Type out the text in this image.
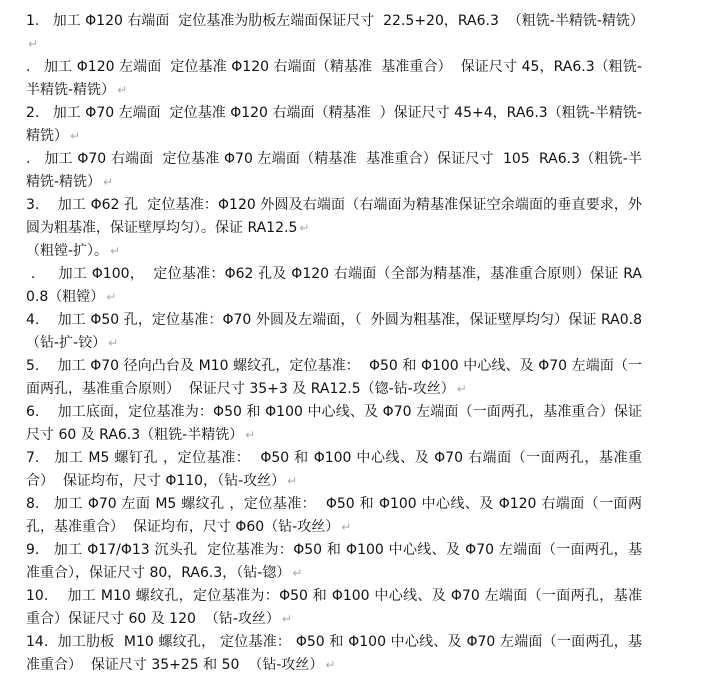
1.   加工 Φ120 右端面  定位基准为肋板左端面保证尺寸  22.5+20，RA6.3  （粗铣-半精铣-精铣）↵

.   加工 Φ120 左端面  定位基准 Φ120 右端面（精基准  基准重合）  保证尺寸 45，RA6.3（粗铣-半精铣-精铣） ↵

2.   加工 Φ70 左端面  定位基准 Φ120 右端面（精基准  ）保证尺寸 45+4，RA6.3（粗铣-半精铣-精铣） ↵

.   加工 Φ70 右端面  定位基准 Φ70 左端面（精基准  基准重合）保证尺寸  105  RA6.3（粗铣-半精铣-精铣） ↵

3.    加工 Φ62 孔  定位基准：Φ120 外圆及右端面（右端面为精基准保证空余端面的垂直要求，外圆为粗基准，保证壁厚均匀）。保证 RA12.5 ↵

（粗镗-扩）。 ↵

.     加工 Φ100，  定位基准：Φ62 孔及 Φ120 右端面（全部为精基准，基准重合原则）保证 RA0.8（粗镗） ↵

4.    加工 Φ50 孔，定位基准：Φ70 外圆及左端面，（  外圆为粗基准，保证壁厚均匀）保证 RA0.8（钻-扩-铰） ↵

5.    加工 Φ70 径向凸台及 M10 螺纹孔，定位基准：  Φ50 和 Φ100 中心线、及 Φ70 左端面（一面两孔，基准重合原则）  保证尺寸 35+3 及 RA12.5（锪-钻-攻丝） ↵

6.    加工底面，定位基准为：Φ50 和 Φ100 中心线、及 Φ70 左端面（一面两孔，基准重合）保证尺寸 60 及 RA6.3（粗铣-半精铣） ↵

7.   加工 M5 螺钉孔 ，定位基准：  Φ50 和 Φ100 中心线、及 Φ70 右端面（一面两孔，基准重合）  保证均布，尺寸 Φ110，（钻-攻丝） ↵

8.   加工 Φ70 左面 M5 螺纹孔 ，定位基准：  Φ50 和 Φ100 中心线、及 Φ120 右端面（一面两孔，基准重合）  保证均布，尺寸 Φ60（钻-攻丝） ↵

9.   加工 Φ17/Φ13 沉头孔  定位基准为：Φ50 和 Φ100 中心线、及 Φ70 左端面（一面两孔，基准重合），保证尺寸 80，RA6.3，（钻-锪） ↵

10.    加工 M10 螺纹孔，定位基准为：Φ50 和 Φ100 中心线、及 Φ70 左端面（一面两孔，基准重合）保证尺寸 60 及 120  （钻-攻丝） ↵

14.  加工肋板  M10 螺纹孔， 定位基准： Φ50 和 Φ100 中心线、及 Φ70 左端面（一面两孔，基准重合）  保证尺寸 35+25 和 50  （钻-攻丝） ↵
